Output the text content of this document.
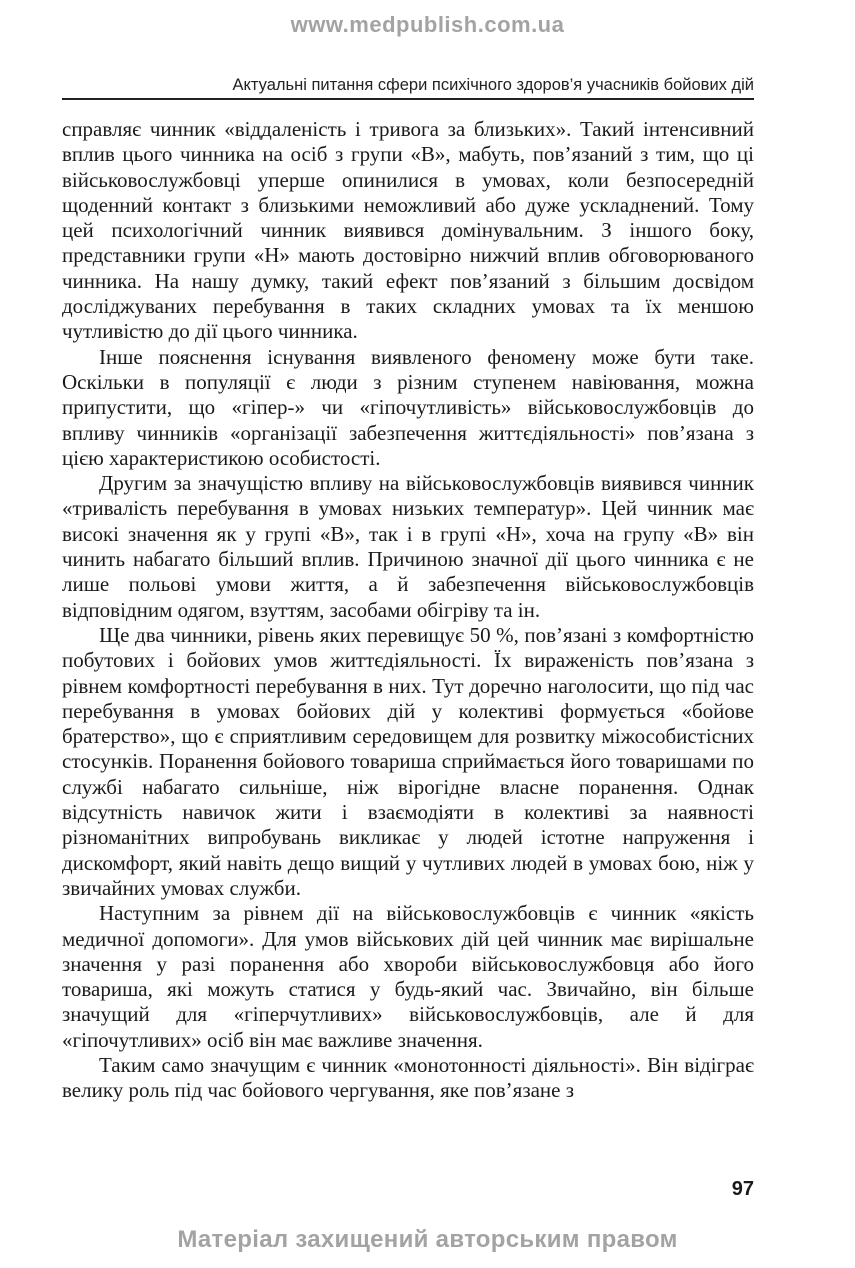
www.medpublish.com.ua
Актуальні питання сфери психічного здоров’я учасників бойових дій

справляє чинник «віддаленість і тривога за близьких». Такий інтенсивний вплив цього чинника на осіб з групи «В», мабуть, пов’язаний з тим, що ці військовослужбовці уперше опинилися в умовах, коли безпосередній щоденний контакт з близькими неможливий або дуже ускладнений. Тому цей психологічний чинник виявився домінувальним. З іншого боку, представники групи «Н» мають достовірно нижчий вплив обговорюваного чинника. На нашу думку, такий ефект пов’язаний з більшим досвідом досліджуваних перебування в таких складних умовах та їх меншою чутливістю до дії цього чинника.

Інше пояснення існування виявленого феномену може бути таке. Оскільки в популяції є люди з різним ступенем навіювання, можна припустити, що «гіпер-» чи «гіпочутливість» військовослужбовців до впливу чинників «організації забезпечення життєдіяльності» пов’язана з цією характеристикою особистості.

Другим за значущістю впливу на військовослужбовців виявився чинник «тривалість перебування в умовах низьких температур». Цей чинник має високі значення як у групі «В», так і в групі «Н», хоча на групу «В» він чинить набагато більший вплив. Причиною значної дії цього чинника є не лише польові умови життя, а й забезпечення військовослужбовців відповідним одягом, взуттям, засобами обігріву та ін.

Ще два чинники, рівень яких перевищує 50 %, пов’язані з комфортністю побутових і бойових умов життєдіяльності. Їх вираженість пов’язана з рівнем комфортності перебування в них. Тут доречно наголосити, що під час перебування в умовах бойових дій у колективі формується «бойове братерство», що є сприятливим середовищем для розвитку міжособистісних стосунків. Поранення бойового товариша сприймається його товаришами по службі набагато сильніше, ніж вірогідне власне поранення. Однак відсутність навичок жити і взаємодіяти в колективі за наявності різноманітних випробувань викликає у людей істотне напруження і дискомфорт, який навіть дещо вищий у чутливих людей в умовах бою, ніж у звичайних умовах служби.

Наступним за рівнем дії на військовослужбовців є чинник «якість медичної допомоги». Для умов військових дій цей чинник має вирішальне значення у разі поранення або хвороби військовослужбовця або його товариша, які можуть статися у будь-який час. Звичайно, він більше значущий для «гіперчутливих» військовослужбовців, але й для «гіпочутливих» осіб він має важливе значення.

Таким само значущим є чинник «монотонності діяльності». Він відіграє велику роль під час бойового чергування, яке пов’язане з

97
Матеріал захищений авторським правом
